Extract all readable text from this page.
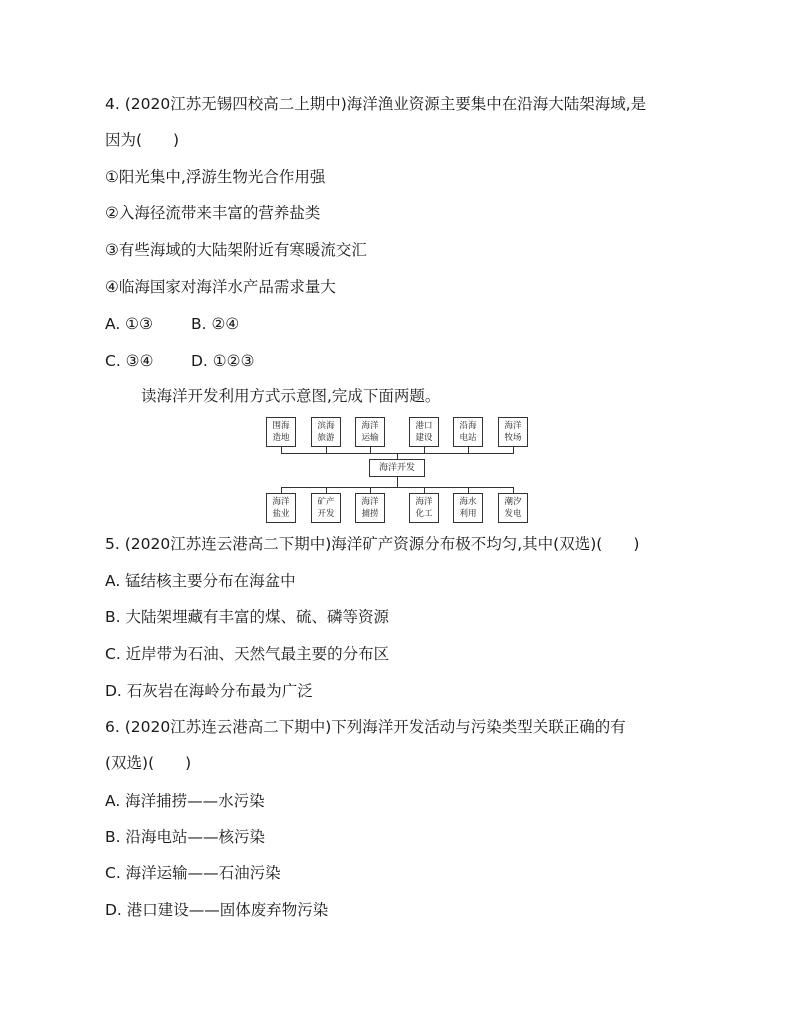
4. (2020江苏无锡四校高二上期中)海洋渔业资源主要集中在沿海大陆架海域,是
因为(　　)
①阳光集中,浮游生物光合作用强
②入海径流带来丰富的营养盐类
③有些海域的大陆架附近有寒暖流交汇
④临海国家对海洋水产品需求量大
A. ①③ B. ②④
C. ③④ D. ①②③
读海洋开发利用方式示意图,完成下面两题。
围海
造地
滨海
旅游
海洋
运输
港口
建设
沿海
电站
海洋
牧场
海洋开发
海洋
盐业
矿产
开发
海洋
捕捞
海洋
化工
海水
利用
潮汐
发电
5. (2020江苏连云港高二下期中)海洋矿产资源分布极不均匀,其中(双选)(　　)
A. 锰结核主要分布在海盆中
B. 大陆架埋藏有丰富的煤、硫、磷等资源
C. 近岸带为石油、天然气最主要的分布区
D. 石灰岩在海岭分布最为广泛
6. (2020江苏连云港高二下期中)下列海洋开发活动与污染类型关联正确的有
(双选)(　　)
A. 海洋捕捞——水污染
B. 沿海电站——核污染
C. 海洋运输——石油污染
D. 港口建设——固体废弃物污染
